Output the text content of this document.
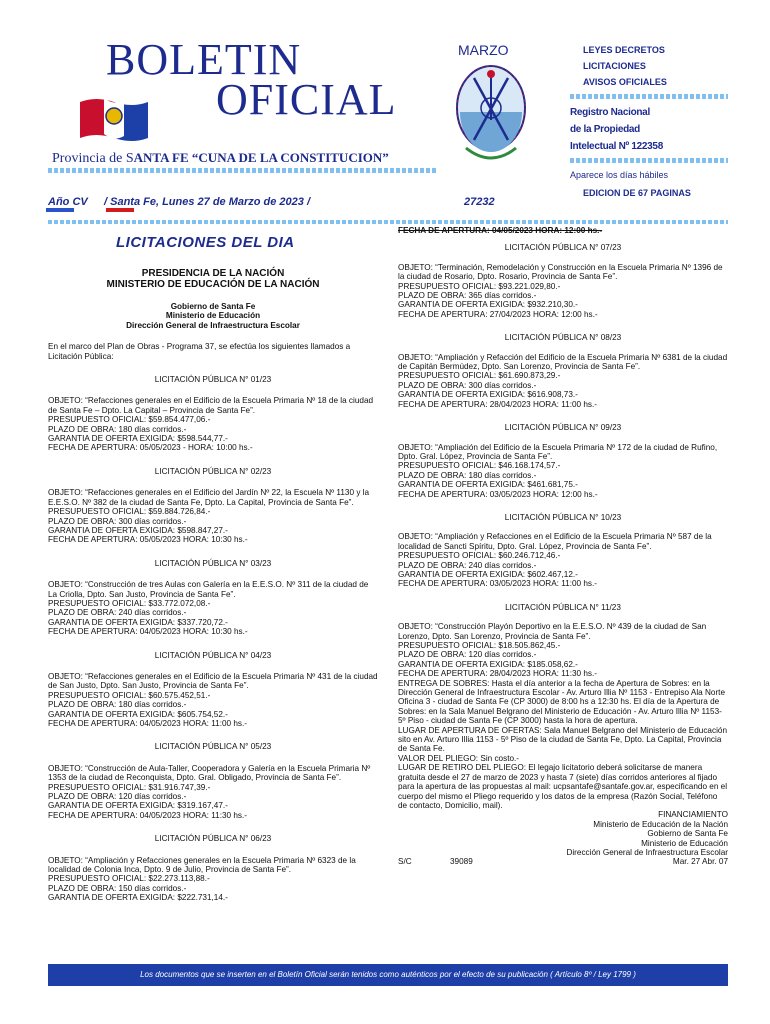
BOLETIN
OFICIAL
Provincia de SANTA FE “CUNA DE LA CONSTITUCION”
MARZO	LEYES DECRETOS
LICITACIONES
AVISOS OFICIALES
Registro Nacional
de la Propiedad
Intelectual Nº 122358
Aparece los días hábiles
EDICION DE 67 PAGINAS
Año CV / Santa Fe, Lunes 27 de Marzo de 2023 /	27232
LICITACIONES DEL DIA

PRESIDENCIA DE LA NACIÓN

MINISTERIO DE EDUCACIÓN DE LA NACIÓN

Gobierno de Santa Fe

Ministerio de Educación

Dirección General de Infraestructura Escolar

En el marco del Plan de Obras - Programa 37, se efectúa los siguientes llamados a Licitación Pública:

LICITACIÓN PÚBLICA N° 01/23

OBJETO: “Refacciones generales en el Edificio de la Escuela Primaria Nº 18 de la ciudad de Santa Fe – Dpto. La Capital – Provincia de Santa Fe”.

PRESUPUESTO OFICIAL: $59.854.477,06.-

PLAZO DE OBRA: 180 días corridos.-

GARANTIA DE OFERTA EXIGIDA: $598.544,77.-

FECHA DE APERTURA: 05/05/2023 - HORA: 10:00 hs.-

LICITACIÓN PÚBLICA N° 02/23

OBJETO: “Refacciones generales en el Edificio del Jardín Nº 22, la Escuela Nº 1130 y la E.E.S.O. Nº 382 de la ciudad de Santa Fe, Dpto. La Capital, Provincia de Santa Fe”.

PRESUPUESTO OFICIAL: $59.884.726,84.-

PLAZO DE OBRA: 300 días corridos.-

GARANTIA DE OFERTA EXIGIDA: $598.847,27.-

FECHA DE APERTURA: 05/05/2023 HORA: 10:30 hs.-

LICITACIÓN PÚBLICA N° 03/23

OBJETO: “Construcción de tres Aulas con Galería en la E.E.S.O. Nº 311 de la ciudad de La Criolla, Dpto. San Justo, Provincia de Santa Fe”.

PRESUPUESTO OFICIAL: $33.772.072,08.-

PLAZO DE OBRA: 240 días corridos.-

GARANTIA DE OFERTA EXIGIDA: $337.720,72.-

FECHA DE APERTURA: 04/05/2023 HORA: 10:30 hs.-

LICITACIÓN PÚBLICA N° 04/23

OBJETO: “Refacciones generales en el Edificio de la Escuela Primaria Nº 431 de la ciudad de San Justo, Dpto. San Justo, Provincia de Santa Fe”.

PRESUPUESTO OFICIAL: $60.575.452,51.-

PLAZO DE OBRA: 180 días corridos.-

GARANTIA DE OFERTA EXIGIDA: $605.754,52.-

FECHA DE APERTURA: 04/05/2023 HORA: 11:00 hs.-

LICITACIÓN PÚBLICA N° 05/23

OBJETO: “Construcción de Aula-Taller, Cooperadora y Galería en la Escuela Primaria Nº 1353 de la ciudad de Reconquista, Dpto. Gral. Obligado, Provincia de Santa Fe”.

PRESUPUESTO OFICIAL: $31.916.747,39.-

PLAZO DE OBRA: 120 días corridos.-

GARANTIA DE OFERTA EXIGIDA: $319.167,47.-

FECHA DE APERTURA: 04/05/2023 HORA: 11:30 hs.-

LICITACIÓN PÚBLICA N° 06/23

OBJETO: “Ampliación y Refacciones generales en la Escuela Primaria Nº 6323 de la localidad de Colonia Inca, Dpto. 9 de Julio, Provincia de Santa Fe”.

PRESUPUESTO OFICIAL: $22.273.113,88.-

PLAZO DE OBRA: 150 días corridos.-

GARANTIA DE OFERTA EXIGIDA: $222.731,14.-

FECHA DE APERTURA: 04/05/2023 HORA: 12:00 hs.-

LICITACIÓN PÚBLICA N° 07/23

OBJETO: “Terminación, Remodelación y Construcción en la Escuela Primaria Nº 1396 de la ciudad de Rosario, Dpto. Rosario, Provincia de Santa Fe”.

PRESUPUESTO OFICIAL: $93.221.029,80.-

PLAZO DE OBRA: 365 días corridos.-

GARANTIA DE OFERTA EXIGIDA: $932.210,30.-

FECHA DE APERTURA: 27/04/2023 HORA: 12:00 hs.-

LICITACIÓN PÚBLICA N° 08/23

OBJETO: “Ampliación y Refacción del Edificio de la Escuela Primaria Nº 6381 de la ciudad de Capitán Bermúdez, Dpto. San Lorenzo, Provincia de Santa Fe”.

PRESUPUESTO OFICIAL: $61.690.873,29.-

PLAZO DE OBRA: 300 días corridos.-

GARANTIA DE OFERTA EXIGIDA: $616.908,73.-

FECHA DE APERTURA: 28/04/2023 HORA: 11:00 hs.-

LICITACIÓN PÚBLICA N° 09/23

OBJETO: “Ampliación del Edificio de la Escuela Primaria Nº 172 de la ciudad de Rufino, Dpto. Gral. López, Provincia de Santa Fe”.

PRESUPUESTO OFICIAL: $46.168.174,57.-

PLAZO DE OBRA: 180 días corridos.-

GARANTIA DE OFERTA EXIGIDA: $461.681,75.-

FECHA DE APERTURA: 03/05/2023 HORA: 12:00 hs.-

LICITACIÓN PÚBLICA N° 10/23

OBJETO: “Ampliación y Refacciones en el Edificio de la Escuela Primaria Nº 587 de la localidad de Sancti Spíritu, Dpto. Gral. López, Provincia de Santa Fe”.

PRESUPUESTO OFICIAL: $60.246.712,46.-

PLAZO DE OBRA: 240 días corridos.-

GARANTIA DE OFERTA EXIGIDA: $602.467,12.-

FECHA DE APERTURA: 03/05/2023 HORA: 11:00 hs.-

LICITACIÓN PÚBLICA N° 11/23

OBJETO: “Construcción Playón Deportivo en la E.E.S.O. Nº 439 de la ciudad de San Lorenzo, Dpto. San Lorenzo, Provincia de Santa Fe”.

PRESUPUESTO OFICIAL: $18.505.862,45.-

PLAZO DE OBRA: 120 días corridos.-

GARANTIA DE OFERTA EXIGIDA: $185.058,62.-

FECHA DE APERTURA: 28/04/2023 HORA: 11:30 hs.-

ENTREGA DE SOBRES: Hasta el día anterior a la fecha de Apertura de Sobres: en la Dirección General de Infraestructura Escolar - Av. Arturo Illia Nº 1153 - Entrepiso Ala Norte Oficina 3 - ciudad de Santa Fe (CP 3000) de 8:00 hs a 12:30 hs. El día de la Apertura de Sobres: en la Sala Manuel Belgrano del Ministerio de Educación - Av. Arturo Illia Nº 1153- 5º Piso - ciudad de Santa Fe (CP 3000) hasta la hora de apertura.

LUGAR DE APERTURA DE OFERTAS: Sala Manuel Belgrano del Ministerio de Educación sito en Av. Arturo Illia 1153 - 5º Piso de la ciudad de Santa Fe, Dpto. La Capital, Provincia de Santa Fe.

VALOR DEL PLIEGO: Sin costo.-

LUGAR DE RETIRO DEL PLIEGO: El legajo licitatorio deberá solicitarse de manera gratuita desde el 27 de marzo de 2023 y hasta 7 (siete) días corridos anteriores al fijado para la apertura de las propuestas al mail: ucpsantafe@santafe.gov.ar, especificando en el cuerpo del mismo el Pliego requerido y los datos de la empresa (Razón Social, Teléfono de contacto, Domicilio, mail).

FINANCIAMIENTO

Ministerio de Educación de la Nación

Gobierno de Santa Fe

Ministerio de Educación

Dirección General de Infraestructura Escolar

S/C	39089	Mar. 27 Abr. 07
Los documentos que se inserten en el Boletín Oficial serán tenidos como auténticos por el efecto de su publicación ( Artículo 8º / Ley 1799 )
